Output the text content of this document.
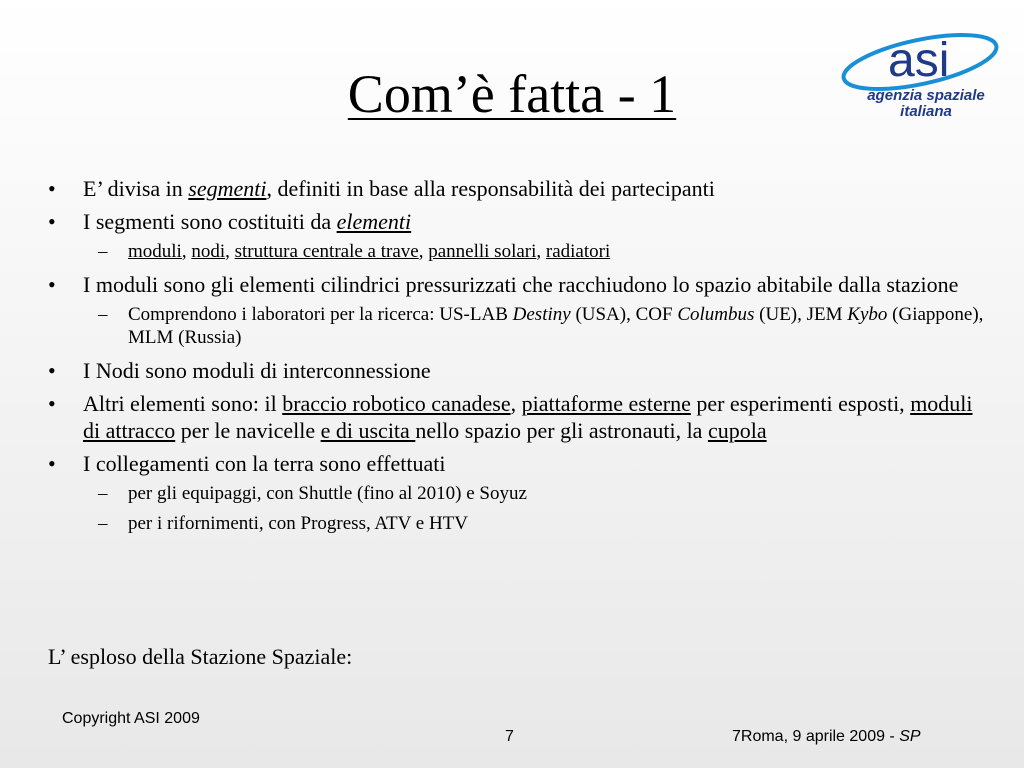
Com’è fatta - 1
asi
agenzia spaziale
italiana
• E’ divisa in segmenti, definiti in base alla responsabilità dei partecipanti
• I segmenti sono costituiti da elementi
– moduli, nodi, struttura centrale a trave, pannelli solari, radiatori
• I moduli sono gli elementi cilindrici pressurizzati che racchiudono lo spazio abitabile dalla stazione
– Comprendono i laboratori per la ricerca: US-LAB Destiny (USA), COF Columbus (UE), JEM Kybo (Giappone), MLM (Russia)
• I Nodi sono moduli di interconnessione
• Altri elementi sono: il braccio robotico canadese, piattaforme esterne per esperimenti esposti, moduli di attracco per le navicelle e di uscita nello spazio per gli astronauti, la cupola
• I collegamenti con la terra sono effettuati
– per gli equipaggi, con Shuttle (fino al 2010) e Soyuz
– per i rifornimenti, con Progress, ATV e HTV
L’ esploso della Stazione Spaziale:
Copyright ASI 2009
7	7Roma, 9 aprile 2009 - SP
